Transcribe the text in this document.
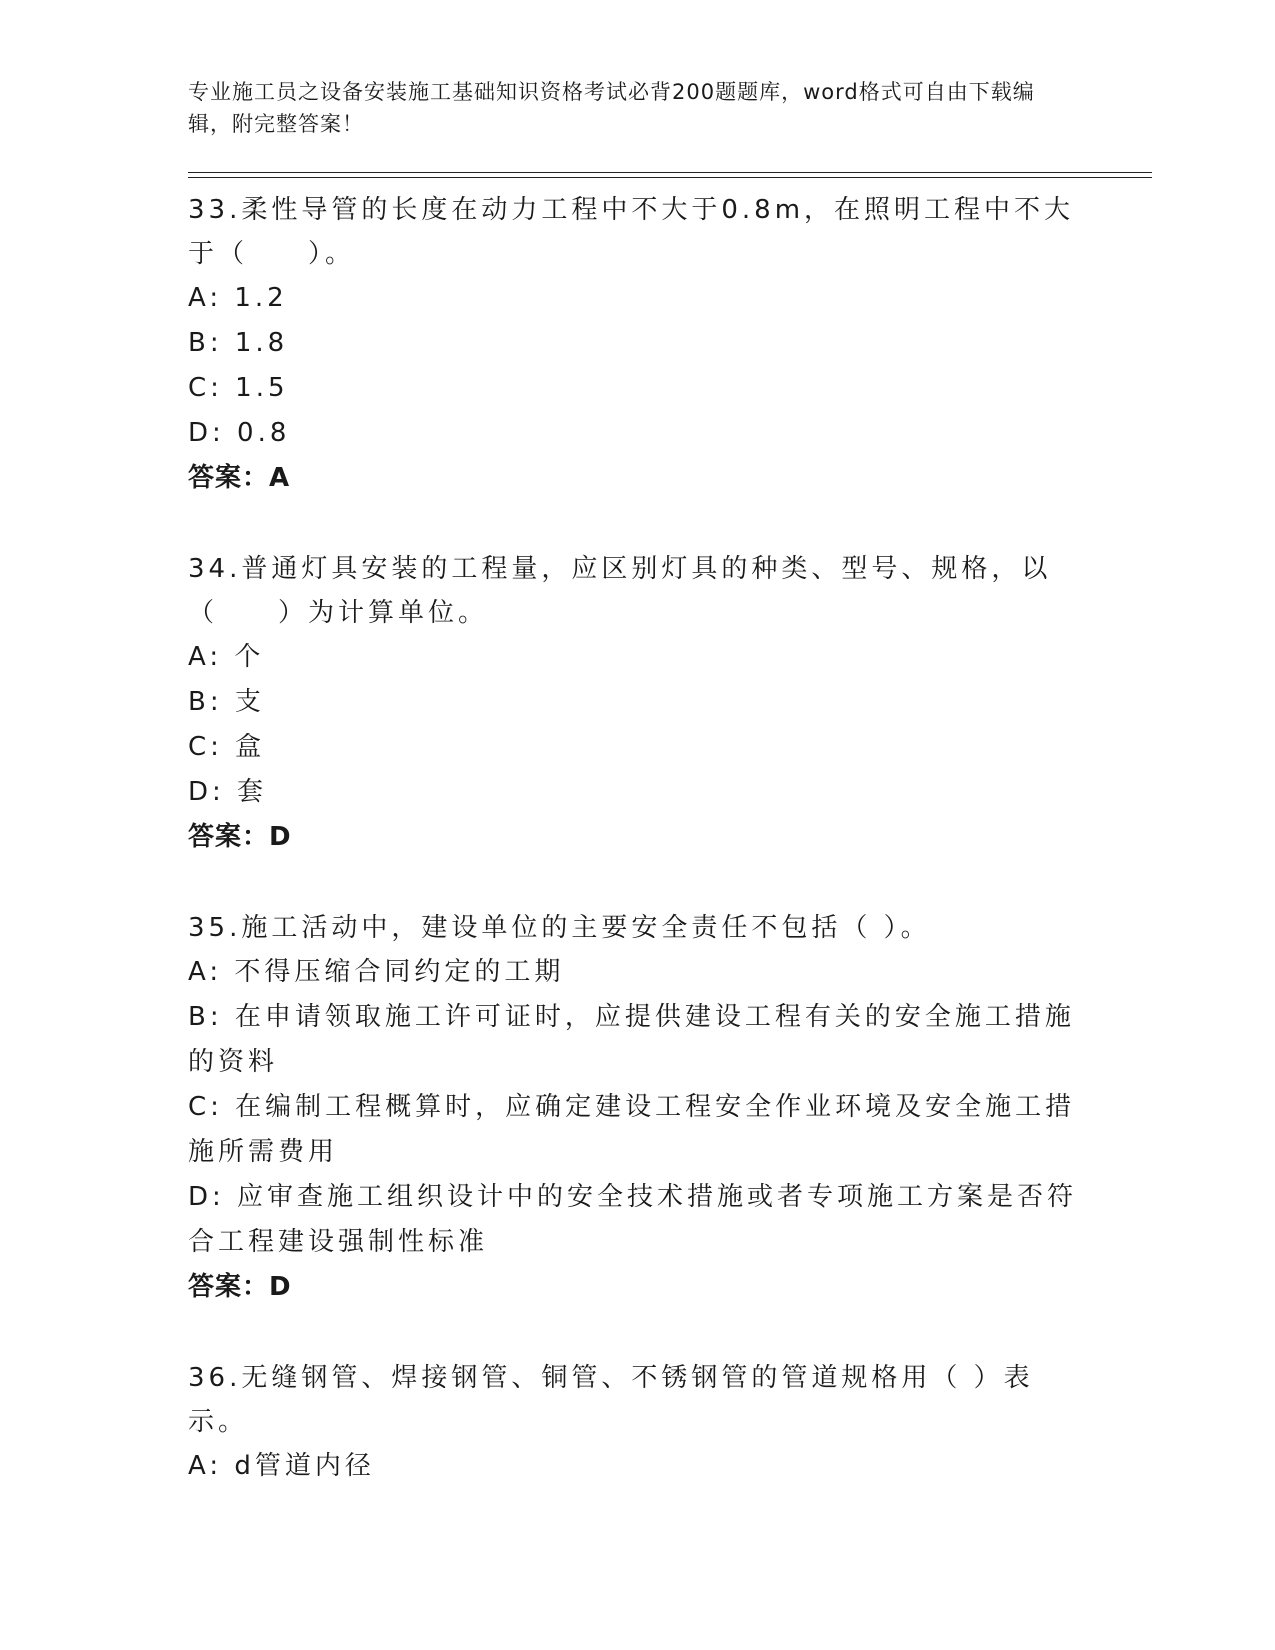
专业施工员之设备安装施工基础知识资格考试必背200题题库，word格式可自由下载编辑，附完整答案！
33.柔性导管的长度在动力工程中不大于0.8m，在照明工程中不大于（　　）。
A: 1.2
B: 1.8
C: 1.5
D: 0.8
答案：A
34.普通灯具安装的工程量，应区别灯具的种类、型号、规格，以（　　）为计算单位。
A: 个
B: 支
C: 盒
D: 套
答案：D
35.施工活动中，建设单位的主要安全责任不包括（ ）。
A: 不得压缩合同约定的工期
B: 在申请领取施工许可证时，应提供建设工程有关的安全施工措施的资料
C: 在编制工程概算时，应确定建设工程安全作业环境及安全施工措施所需费用
D: 应审查施工组织设计中的安全技术措施或者专项施工方案是否符合工程建设强制性标准
答案：D
36.无缝钢管、焊接钢管、铜管、不锈钢管的管道规格用（ ）表示。
A: d管道内径
